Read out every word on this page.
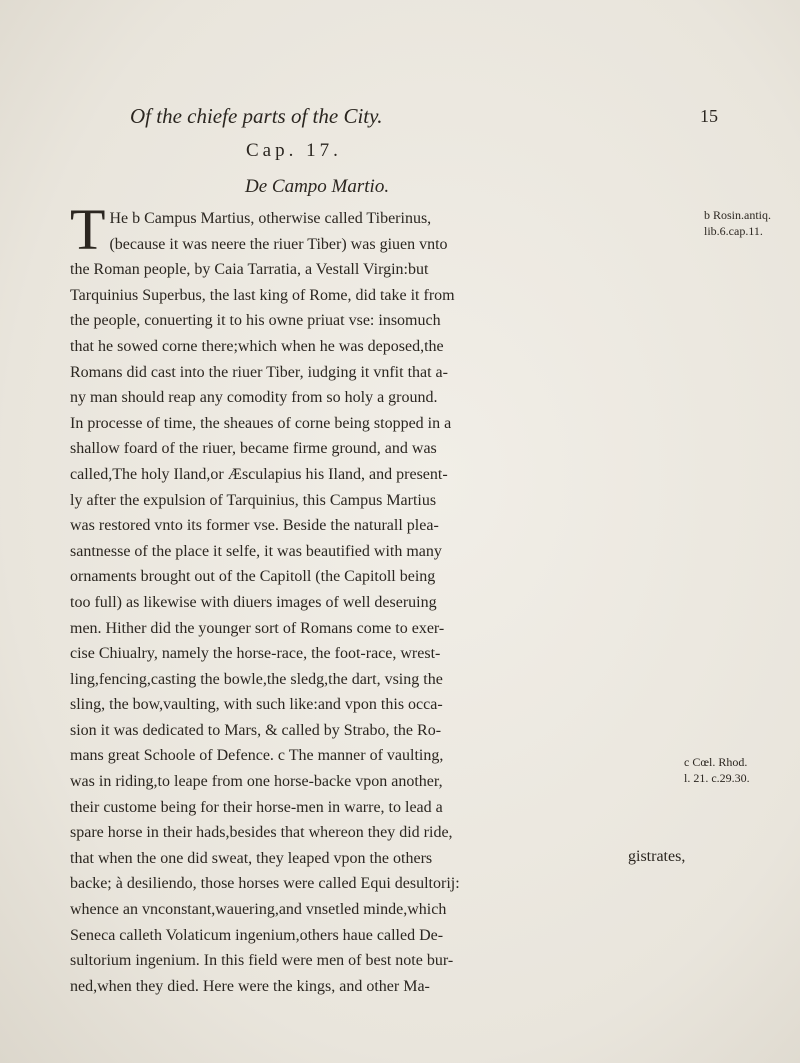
Of the chiefe parts of the City.	15
Cap. 17.
De Campo Martio.
T He b Campus Martius, otherwise called Tiberinus,
(because it was neere the riuer Tiber) was giuen vnto
the Roman people, by Caia Tarratia, a Vestall Virgin:but
Tarquinius Superbus, the last king of Rome, did take it from
the people, conuerting it to his owne priuat vse: insomuch
that he sowed corne there;which when he was deposed,the
Romans did cast into the riuer Tiber, iudging it vnfit that a-
ny man should reap any comodity from so holy a ground.
In processe of time, the sheaues of corne being stopped in a
shallow foard of the riuer, became firme ground, and was
called,The holy Iland,or Æsculapius his Iland, and present-
ly after the expulsion of Tarquinius, this Campus Martius
was restored vnto its former vse. Beside the naturall plea-
santnesse of the place it selfe, it was beautified with many
ornaments brought out of the Capitoll (the Capitoll being
too full) as likewise with diuers images of well deseruing
men. Hither did the younger sort of Romans come to exer-
cise Chiualry, namely the horse-race, the foot-race, wrest-
ling,fencing,casting the bowle,the sledg,the dart, vsing the
sling, the bow,vaulting, with such like:and vpon this occa-
sion it was dedicated to Mars, & called by Strabo, the Ro-
mans great Schoole of Defence. c The manner of vaulting,
was in riding,to leape from one horse-backe vpon another,
their custome being for their horse-men in warre, to lead a
spare horse in their hads,besides that whereon they did ride,
that when the one did sweat, they leaped vpon the others
backe; à desiliendo, those horses were called Equi desultorij:
whence an vnconstant,wauering,and vnsetled minde,which
Seneca calleth Volaticum ingenium,others haue called De-
sultorium ingenium. In this field were men of best note bur-
ned,when they died. Here were the kings, and other Ma-
gistrates,
b Rosin.antiq.
lib.6.cap.11.
c Cœl. Rhod.
l. 21. c.29.30.
